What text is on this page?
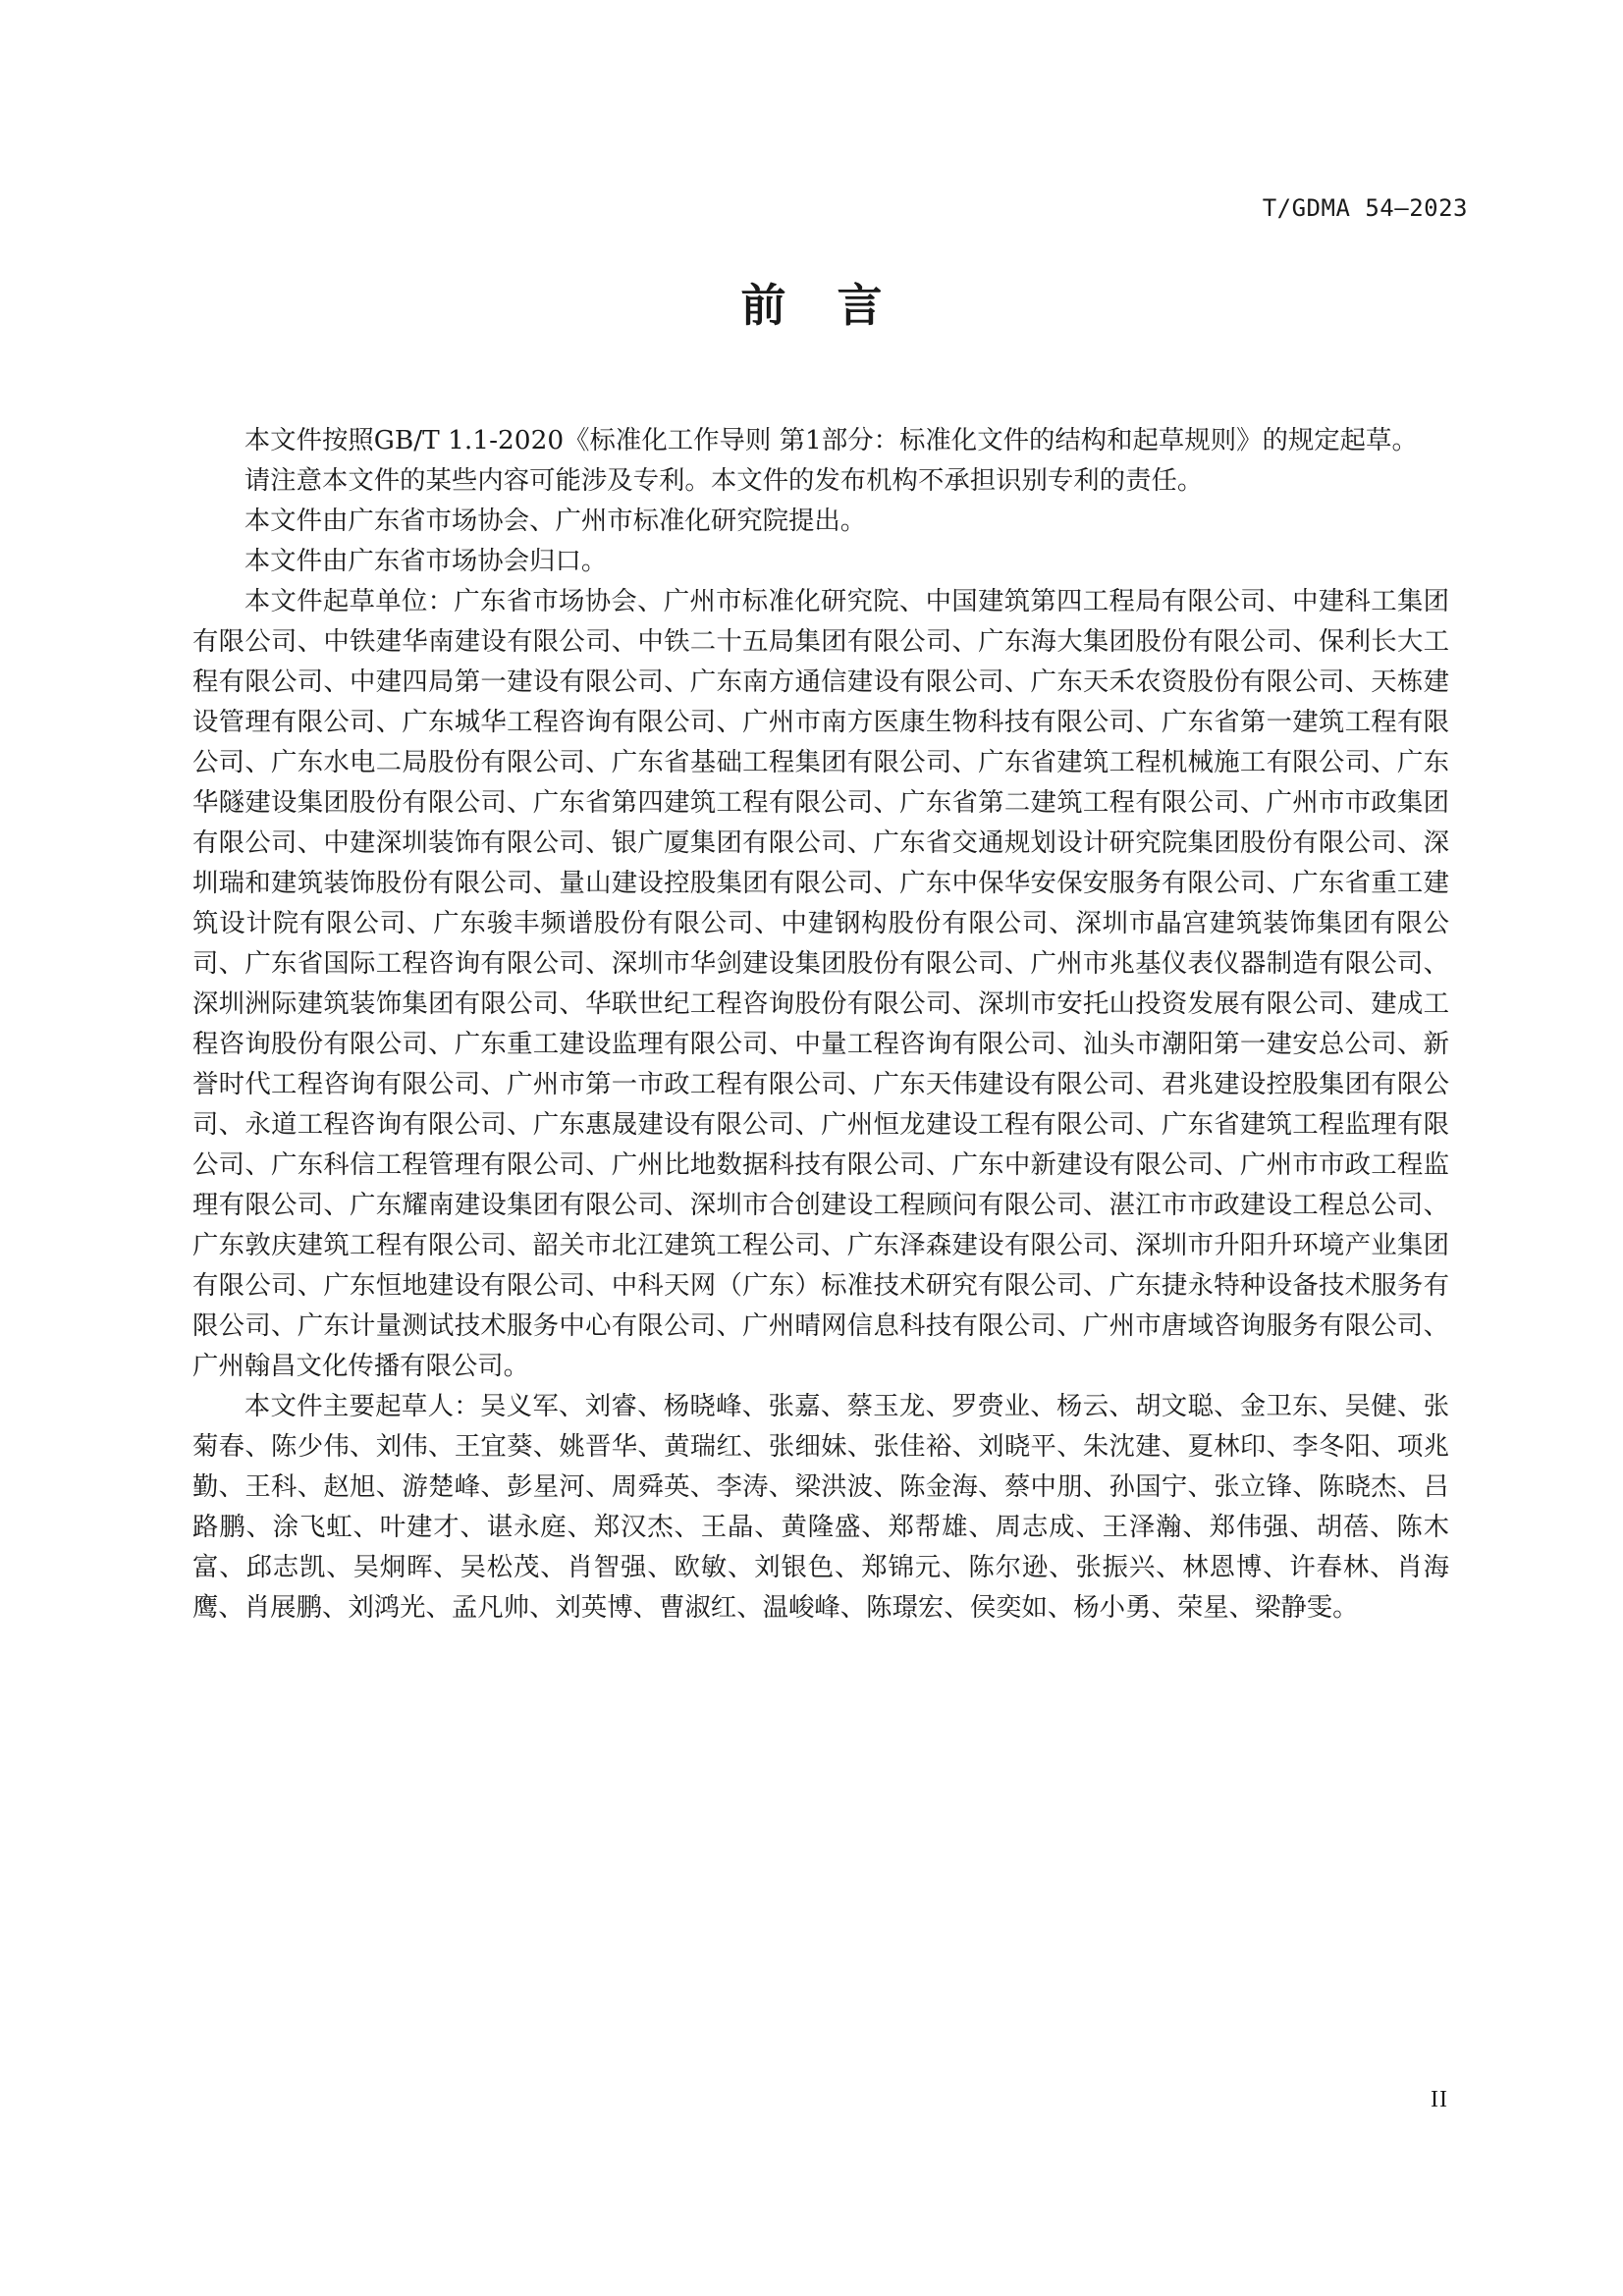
T/GDMA 54—2023
前言

本文件按照GB/T 1.1-2020《标准化工作导则 第1部分：标准化文件的结构和起草规则》的规定起草。

请注意本文件的某些内容可能涉及专利。本文件的发布机构不承担识别专利的责任。

本文件由广东省市场协会、广州市标准化研究院提出。

本文件由广东省市场协会归口。

本文件起草单位：广东省市场协会、广州市标准化研究院、中国建筑第四工程局有限公司、中建科工集团有限公司、中铁建华南建设有限公司、中铁二十五局集团有限公司、广东海大集团股份有限公司、保利长大工程有限公司、中建四局第一建设有限公司、广东南方通信建设有限公司、广东天禾农资股份有限公司、天栋建设管理有限公司、广东城华工程咨询有限公司、广州市南方医康生物科技有限公司、广东省第一建筑工程有限公司、广东水电二局股份有限公司、广东省基础工程集团有限公司、广东省建筑工程机械施工有限公司、广东华隧建设集团股份有限公司、广东省第四建筑工程有限公司、广东省第二建筑工程有限公司、广州市市政集团有限公司、中建深圳装饰有限公司、银广厦集团有限公司、广东省交通规划设计研究院集团股份有限公司、深圳瑞和建筑装饰股份有限公司、量山建设控股集团有限公司、广东中保华安保安服务有限公司、广东省重工建筑设计院有限公司、广东骏丰频谱股份有限公司、中建钢构股份有限公司、深圳市晶宫建筑装饰集团有限公司、广东省国际工程咨询有限公司、深圳市华剑建设集团股份有限公司、广州市兆基仪表仪器制造有限公司、深圳洲际建筑装饰集团有限公司、华联世纪工程咨询股份有限公司、深圳市安托山投资发展有限公司、建成工程咨询股份有限公司、广东重工建设监理有限公司、中量工程咨询有限公司、汕头市潮阳第一建安总公司、新誉时代工程咨询有限公司、广州市第一市政工程有限公司、广东天伟建设有限公司、君兆建设控股集团有限公司、永道工程咨询有限公司、广东惠晟建设有限公司、广州恒龙建设工程有限公司、广东省建筑工程监理有限公司、广东科信工程管理有限公司、广州比地数据科技有限公司、广东中新建设有限公司、广州市市政工程监理有限公司、广东耀南建设集团有限公司、深圳市合创建设工程顾问有限公司、湛江市市政建设工程总公司、广东敦庆建筑工程有限公司、韶关市北江建筑工程公司、广东泽森建设有限公司、深圳市升阳升环境产业集团有限公司、广东恒地建设有限公司、中科天网（广东）标准技术研究有限公司、广东捷永特种设备技术服务有限公司、广东计量测试技术服务中心有限公司、广州晴网信息科技有限公司、广州市唐域咨询服务有限公司、广州翰昌文化传播有限公司。

本文件主要起草人：吴义军、刘睿、杨晓峰、张嘉、蔡玉龙、罗赍业、杨云、胡文聪、金卫东、吴健、张菊春、陈少伟、刘伟、王宜葵、姚晋华、黄瑞红、张细妹、张佳裕、刘晓平、朱沈建、夏林印、李冬阳、项兆勤、王科、赵旭、游楚峰、彭星河、周舜英、李涛、梁洪波、陈金海、蔡中朋、孙国宁、张立锋、陈晓杰、吕路鹏、涂飞虹、叶建才、谌永庭、郑汉杰、王晶、黄隆盛、郑帮雄、周志成、王泽瀚、郑伟强、胡蓓、陈木富、邱志凯、吴炯晖、吴松茂、肖智强、欧敏、刘银色、郑锦元、陈尔逊、张振兴、林恩博、许春林、肖海鹰、肖展鹏、刘鸿光、孟凡帅、刘英博、曹淑红、温峻峰、陈璟宏、侯奕如、杨小勇、荣星、梁静雯。

II
